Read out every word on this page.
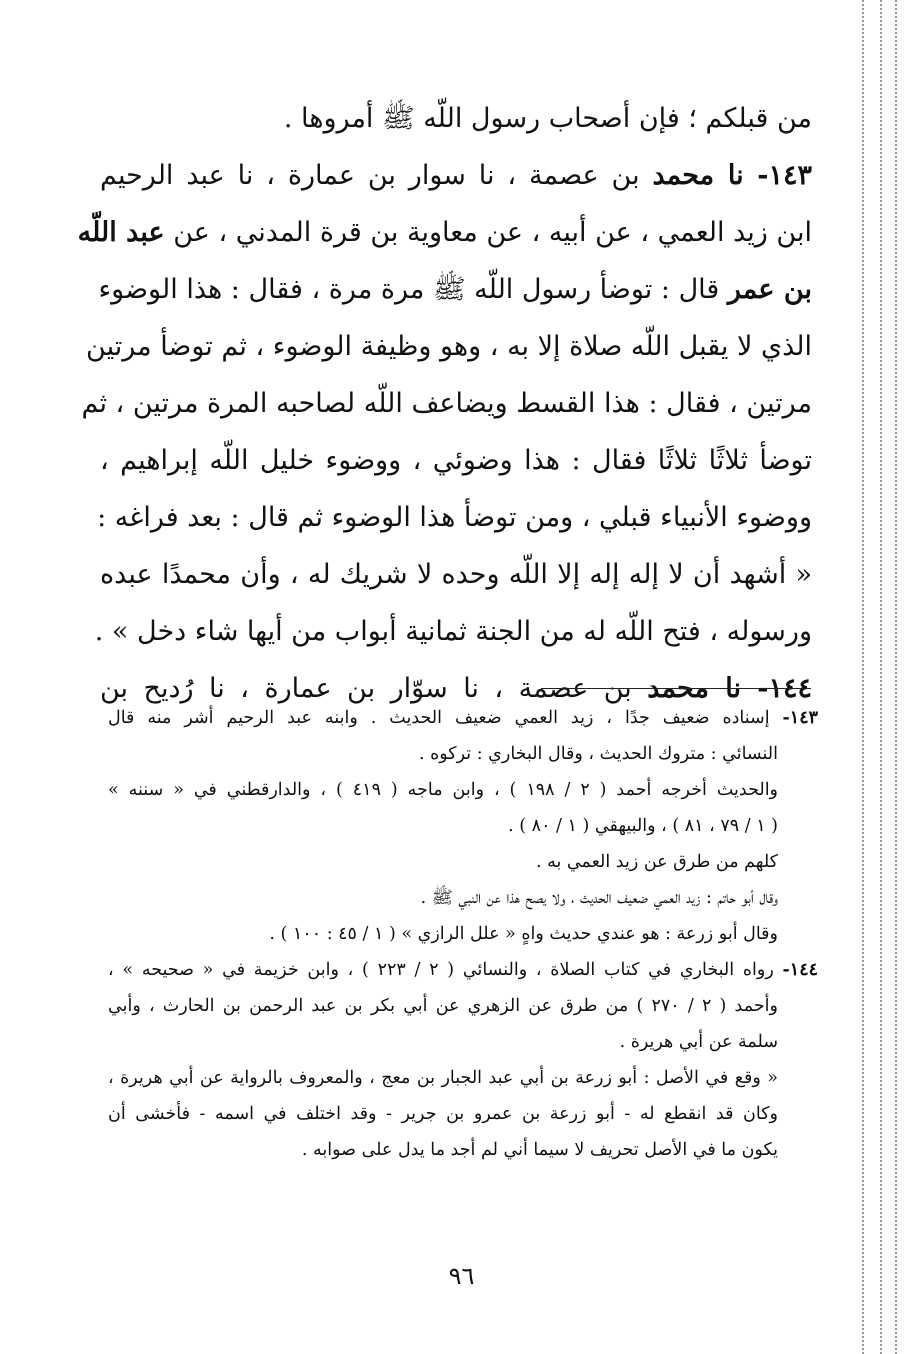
من قبلكم ؛ فإن أصحاب رسول اللّه ﷺ أمروها .
١٤٣- نا محمد بن عصمة ، نا سوار بن عمارة ، نا عبد الرحيم
ابن زيد العمي ، عن أبيه ، عن معاوية بن قرة المدني ، عن عبد اللّه
بن عمر قال : توضأ رسول اللّه ﷺ مرة مرة ، فقال : هذا الوضوء
الذي لا يقبل اللّه صلاة إلا به ، وهو وظيفة الوضوء ، ثم توضأ مرتين
مرتين ، فقال : هذا القسط ويضاعف اللّه لصاحبه المرة مرتين ، ثم
توضأ ثلاثًا ثلاثًا فقال : هذا وضوئي ، ووضوء خليل اللّه إبراهيم ،
ووضوء الأنبياء قبلي ، ومن توضأ هذا الوضوء ثم قال : بعد فراغه :
« أشهد أن لا إله إله إلا اللّه وحده لا شريك له ، وأن محمدًا عبده
ورسوله ، فتح اللّه له من الجنة ثمانية أبواب من أيها شاء دخل » .
١٤٤- نا محمد بن عصمة ، نا سوّار بن عمارة ، نا رُديح بن
١٤٣- إسناده ضعيف جدًا ، زيد العمي ضعيف الحديث . وابنه عبد الرحيم أشر منه قال
النسائي : متروك الحديث ، وقال البخاري : تركوه .
والحديث أخرجه أحمد ( ٢ / ١٩٨ ) ، وابن ماجه ( ٤١٩ ) ، والدارقطني في « سننه »
( ١ / ٧٩ ، ٨١ ) ، والبيهقي ( ١ / ٨٠ ) .
كلهم من طرق عن زيد العمي به .
وقال أبو حاتم : زيد العمي ضعيف الحديث ، ولا يصح هذا عن النبي ﷺ .
وقال أبو زرعة : هو عندي حديث واهٍ « علل الرازي » ( ١ / ٤٥ : ١٠٠ ) .
١٤٤- رواه البخاري في كتاب الصلاة ، والنسائي ( ٢ / ٢٢٣ ) ، وابن خزيمة في « صحيحه » ،
وأحمد ( ٢ / ٢٧٠ ) من طرق عن الزهري عن أبي بكر بن عبد الرحمن بن الحارث ، وأبي
سلمة عن أبي هريرة .
« وقع في الأصل : أبو زرعة بن أبي عبد الجبار بن معج ، والمعروف بالرواية عن أبي هريرة ،
وكان قد انقطع له - أبو زرعة بن عمرو بن جرير - وقد اختلف في اسمه - فأخشى أن
يكون ما في الأصل تحريف لا سيما أني لم أجد ما يدل على صوابه .
٩٦
